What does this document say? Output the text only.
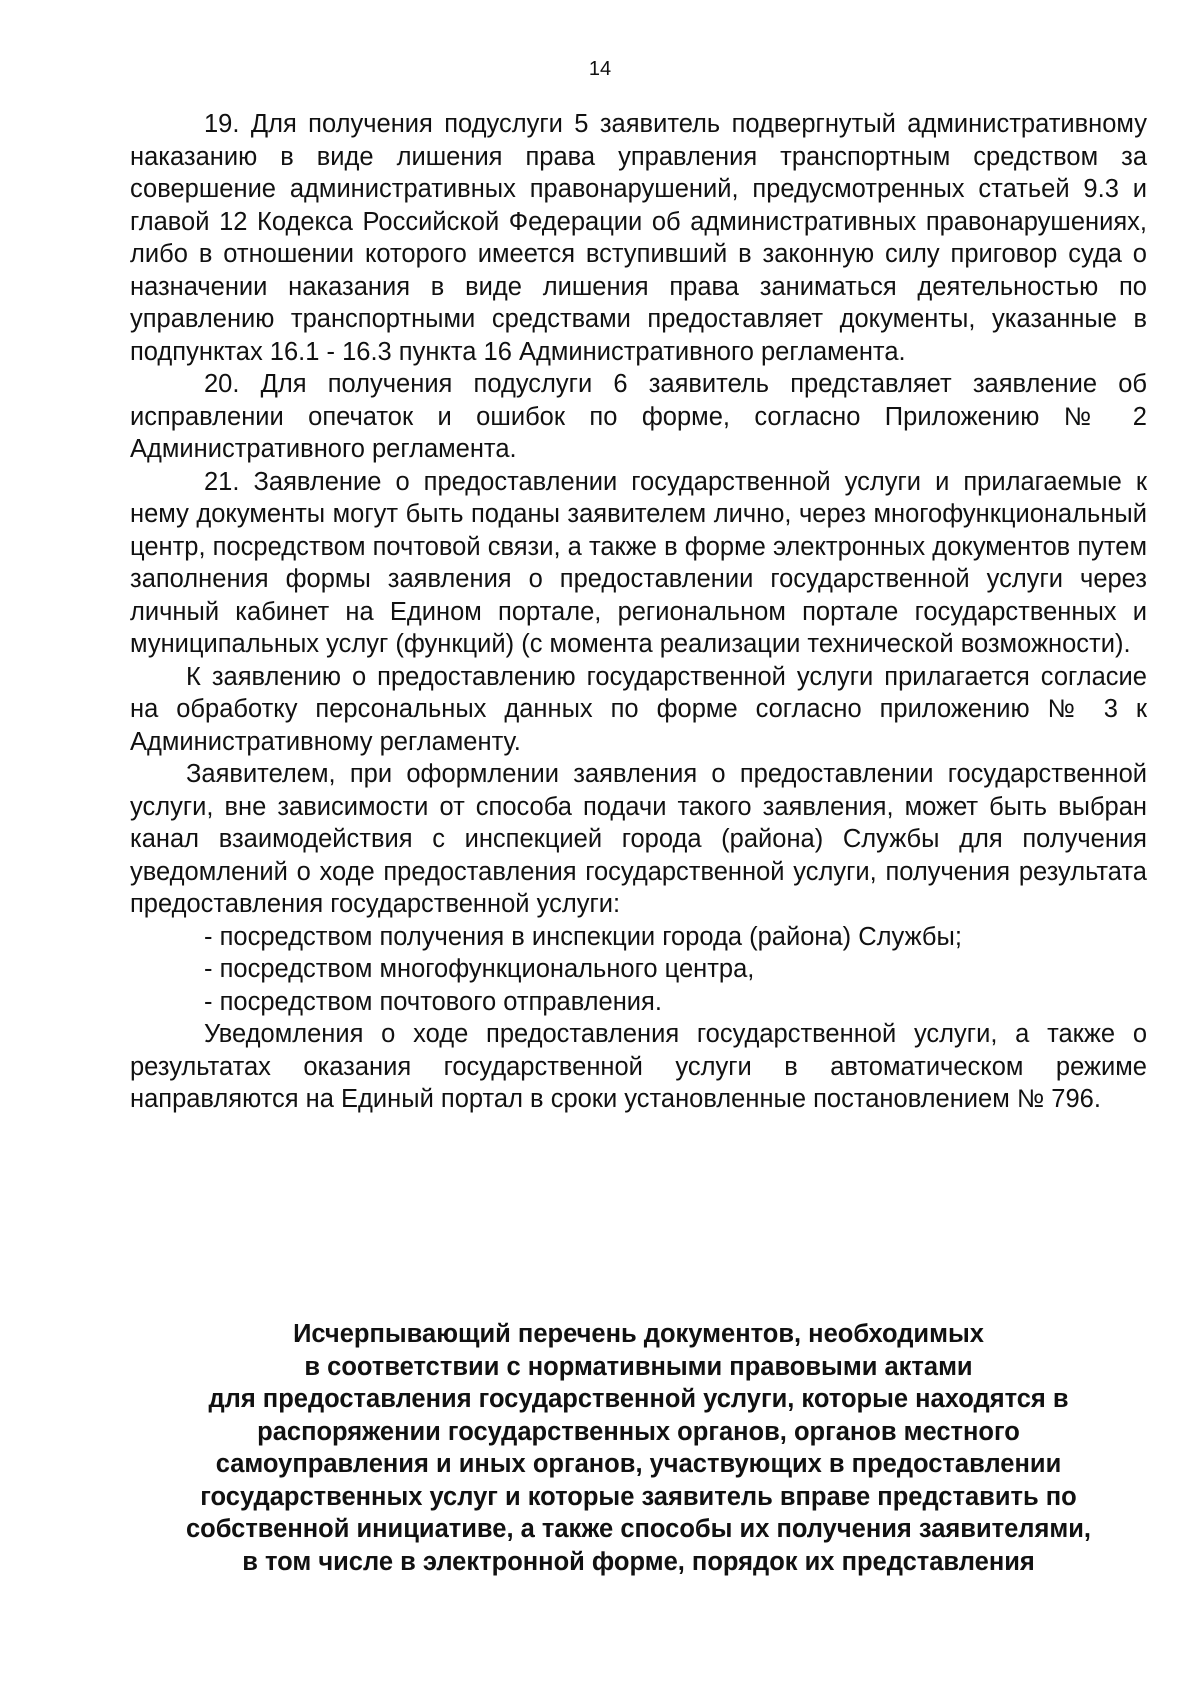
14

19. Для получения подуслуги 5 заявитель подвергнутый административному наказанию в виде лишения права управления транспортным средством за совершение административных правонарушений, предусмотренных статьей 9.3 и главой 12 Кодекса Российской Федерации об административных правонарушениях, либо в отношении которого имеется вступивший в законную силу приговор суда о назначении наказания в виде лишения права заниматься деятельностью по управлению транспортными средствами предоставляет документы, указанные в подпунктах 16.1 - 16.3 пункта 16 Административного регламента.

20. Для получения подуслуги 6 заявитель представляет заявление об исправлении опечаток и ошибок по форме, согласно Приложению № 2 Административного регламента.

21. Заявление о предоставлении государственной услуги и прилагаемые к нему документы могут быть поданы заявителем лично, через многофункциональный центр, посредством почтовой связи, а также в форме электронных документов путем заполнения формы заявления о предоставлении государственной услуги через личный кабинет на Едином портале, региональном портале государственных и муниципальных услуг (функций) (с момента реализации технической возможности).

К заявлению о предоставлению государственной услуги прилагается согласие на обработку персональных данных по форме согласно приложению № 3 к Административному регламенту.

Заявителем, при оформлении заявления о предоставлении государственной услуги, вне зависимости от способа подачи такого заявления, может быть выбран канал взаимодействия с инспекцией города (района) Службы для получения уведомлений о ходе предоставления государственной услуги, получения результата предоставления государственной услуги:

- посредством получения в инспекции города (района) Службы;

- посредством многофункционального центра,

- посредством почтового отправления.

Уведомления о ходе предоставления государственной услуги, а также о результатах оказания государственной услуги в автоматическом режиме направляются на Единый портал в сроки установленные постановлением № 796.

Исчерпывающий перечень документов, необходимых
в соответствии с нормативными правовыми актами
для предоставления государственной услуги, которые находятся в
распоряжении государственных органов, органов местного
самоуправления и иных органов, участвующих в предоставлении
государственных услуг и которые заявитель вправе представить по
собственной инициативе, а также способы их получения заявителями,
в том числе в электронной форме, порядок их представления
